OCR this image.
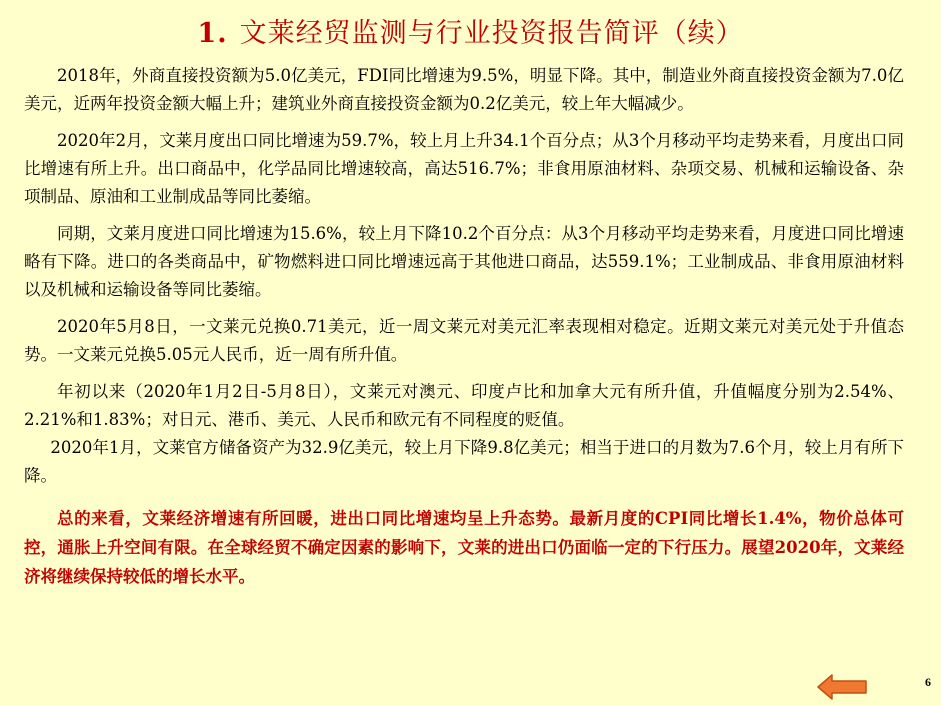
1. 文莱经贸监测与行业投资报告简评（续）

2018年，外商直接投资额为5.0亿美元，FDI同比增速为9.5%，明显下降。其中，制造业外商直接投资金额为7.0亿美元，近两年投资金额大幅上升；建筑业外商直接投资金额为0.2亿美元，较上年大幅减少。

2020年2月，文莱月度出口同比增速为59.7%，较上月上升34.1个百分点；从3个月移动平均走势来看，月度出口同比增速有所上升。出口商品中，化学品同比增速较高，高达516.7%；非食用原油材料、杂项交易、机械和运输设备、杂项制品、原油和工业制成品等同比萎缩。

同期，文莱月度进口同比增速为15.6%，较上月下降10.2个百分点：从3个月移动平均走势来看，月度进口同比增速略有下降。进口的各类商品中，矿物燃料进口同比增速远高于其他进口商品，达559.1%；工业制成品、非食用原油材料以及机械和运输设备等同比萎缩。

2020年5月8日，一文莱元兑换0.71美元，近一周文莱元对美元汇率表现相对稳定。近期文莱元对美元处于升值态势。一文莱元兑换5.05元人民币，近一周有所升值。

年初以来（2020年1月2日-5月8日），文莱元对澳元、印度卢比和加拿大元有所升值，升值幅度分别为2.54%、2.21%和1.83%；对日元、港币、美元、人民币和欧元有不同程度的贬值。

2020年1月，文莱官方储备资产为32.9亿美元，较上月下降9.8亿美元；相当于进口的月数为7.6个月，较上月有所下降。

总的来看，文莱经济增速有所回暖，进出口同比增速均呈上升态势。最新月度的CPI同比增长1.4%，物价总体可控，通胀上升空间有限。在全球经贸不确定因素的影响下，文莱的进出口仍面临一定的下行压力。展望2020年，文莱经济将继续保持较低的增长水平。

6
